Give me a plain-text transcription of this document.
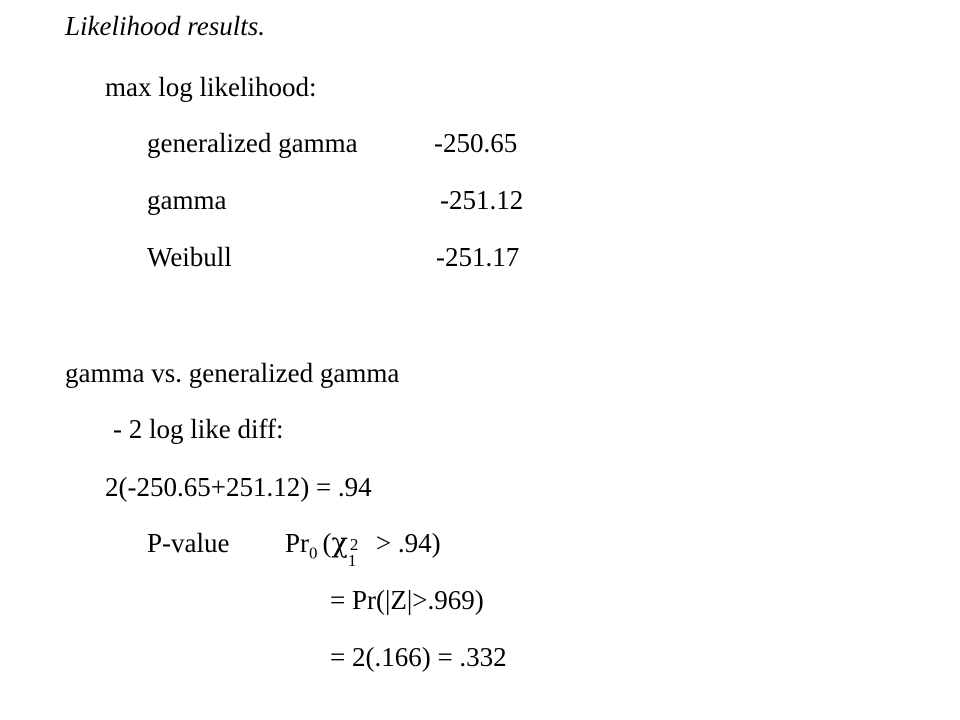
Likelihood results.
max log likelihood:
generalized gamma	-250.65
gamma	-251.12
Weibull	-251.17
gamma vs. generalized gamma
- 2 log like diff:
2(-250.65+251.12) = .94
P-value $Pr_0$ (χ 2
1
> .94)
= Pr(|Z|>.969)
= 2(.166) = .332
